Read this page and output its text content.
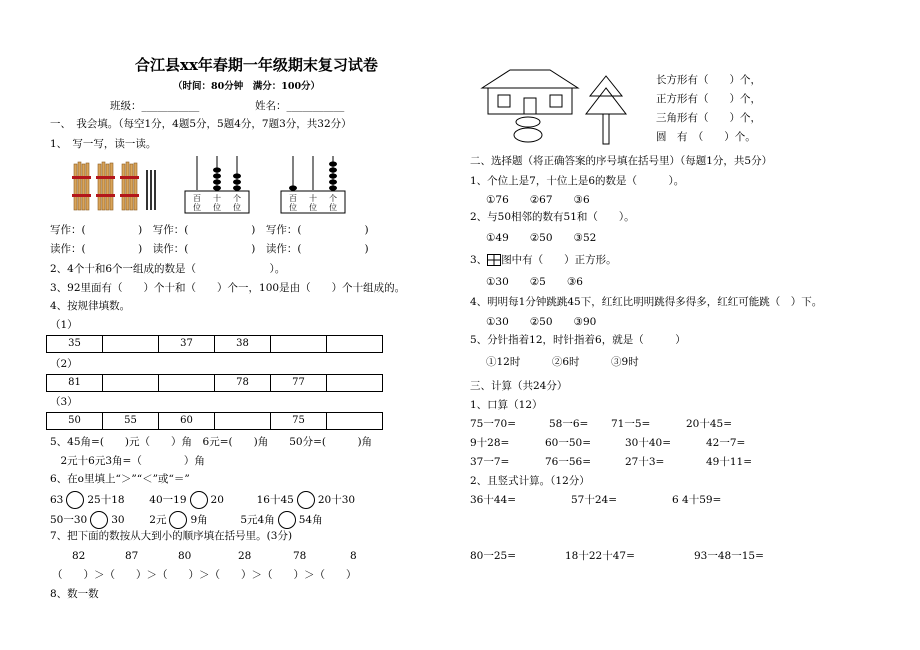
合江县xx年春期一年级期末复习试卷
（时间：80分钟　满分：100分）
班级：___________	姓名：___________
一、　我会填。（每空1分，4题5分，5题4分，7题3分，共32分）
1、　写一写，读一读。
百 十 个
位 位 位
百 十 个
位 位 位
写作：(　　　　　)　写作：(　　　　　　)　写作：(　　　　　　)
读作：(　　　　　)　读作：(　　　　　　)　读作：(　　　　　　)
2、4个十和6个一组成的数是（　　　　　　　）。
3、92里面有（　　）个十和（　　）个一，100是由（　　）个十组成的。
4、按规律填数。
（1）
35		37	38		
（2）
81			78	77	
（3）
50	55	60		75	
5、45角=(　　)元（　　）角　6元=(　　)角　　50分=(　　　)角
　2元十6元3角=（　　　　）角
6、在o里填上“＞”“＜”或“＝”
63 25十18 40一19 20	16十45 20十30
50一30 30 2元 9角	5元4角 54角
7、把下面的数按从大到小的顺序填在括号里。(3分)
82	87	80	28	78	8
（　　）＞（　　）＞（　　）＞（　　）＞（　　）＞（　　）
8、数一数
长方形有（　　）个，
正方形有（　　）个，
三角形有（　　）个，
圆　有　（　　）个。
二、选择题（将正确答案的序号填在括号里）（每题1分，共5分）
1、个位上是7，十位上是6的数是（　　　）。
①76　　②67　　③6
2、与50相邻的数有51和（　　）。
①49　　②50　　③52
3、 图中有（　　）正方形。
①30　　②5　　③6
4、明明每1分钟跳跳45下，红红比明明跳得多得多，红红可能跳（　）下。
①30　　②50　　③90
5、分针指着12，时针指着6，就是（　　　）
①12时　　　②6时　　　③9时
三、计算（共24分）
1、口算（12）
75一70=	58一6= 71一5=	20十45=
9十28=	60一50=	30十40=	42一7=
37一7=	76一56=	27十3=	49十11=
2、且竖式计算。（12分）
36十44=	57十24=	6 4十59=
80一25=	18十22十47=	93一48一15=
